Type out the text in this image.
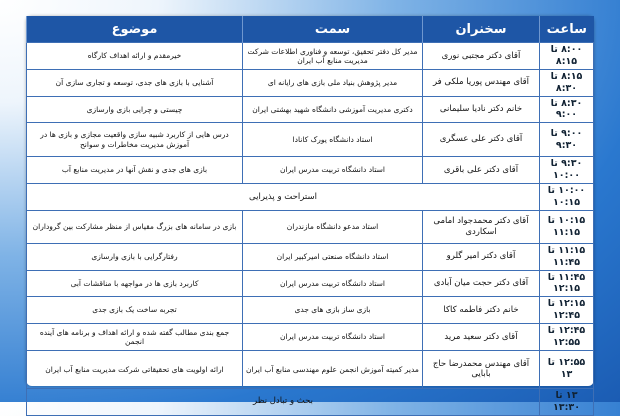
ساعت	سخنران	سمت	موضوع
۸:۰۰ تا ۸:۱۵	آقای دکتر مجتبی نوری	مدیر کل دفتر تحقیق، توسعه و فناوری اطلاعات شرکت مدیریت منابع آب ایران	خیرمقدم و ارائه اهداف کارگاه
۸:۱۵ تا ۸:۳۰	آقای مهندس پوریا ملکی فر	مدیر پژوهش بنیاد ملی بازی های رایانه ای	آشنایی با بازی های جدی، توسعه و تجاری سازی آن
۸:۳۰ تا ۹:۰۰	خانم دکتر نادیا سلیمانی	دکتری مدیریت آموزشی دانشگاه شهید بهشتی ایران	چیستی و چرایی بازی وارسازی
۹:۰۰ تا ۹:۳۰	آقای دکتر علی عسگری	استاد دانشگاه یورک کانادا	درس هایی از کاربرد شبیه سازی واقعیت مجازی و بازی ها در آموزش مدیریت مخاطرات و سوانح
۹:۳۰ تا ۱۰:۰۰	آقای دکتر علی باقری	استاد دانشگاه تربیت مدرس ایران	بازی های جدی و نقش آنها در مدیریت منابع آب
۱۰:۰۰ تا ۱۰:۱۵	استراحت و پذیرایی		
۱۰:۱۵ تا ۱۱:۱۵	آقای دکتر محمدجواد امامی اسکاردی	استاد مدعو دانشگاه مازندران	بازی در سامانه های بزرگ مقیاس از منظر مشارکت بین گروداران
۱۱:۱۵ تا ۱۱:۴۵	آقای دکتر امیر گلرو	استاد دانشگاه صنعتی امیرکبیر ایران	رفتارگرایی با بازی وارسازی
۱۱:۴۵ تا ۱۲:۱۵	آقای دکتر حجت میان آبادی	استاد دانشگاه تربیت مدرس ایران	کاربرد بازی ها در مواجهه با مناقشات آبی
۱۲:۱۵ تا ۱۲:۴۵	خانم دکتر فاطمه کاکا	بازی ساز بازی های جدی	تجربه ساخت یک بازی جدی
۱۲:۴۵ تا ۱۲:۵۵	آقای دکتر سعید مرید	استاد دانشگاه تربیت مدرس ایران	جمع بندی مطالب گفته شده و ارائه اهداف و برنامه های آینده انجمن
۱۲:۵۵ تا ۱۳	آقای مهندس محمدرضا حاج بابایی	مدیر کمیته آموزش انجمن علوم مهندسی منابع آب ایران	ارائه اولویت های تحقیقاتی شرکت مدیریت منابع آب ایران
۱۳ تا ۱۳:۳۰	بحث و تبادل نظر		
